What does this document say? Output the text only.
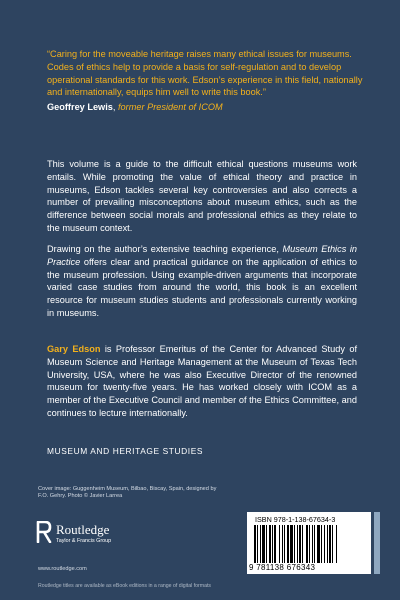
“Caring for the moveable heritage raises many ethical issues for museums. Codes of ethics help to provide a basis for self-regulation and to develop operational standards for this work. Edson’s experience in this field, nationally and internationally, equips him well to write this book.”
Geoffrey Lewis, former President of ICOM
This volume is a guide to the difficult ethical questions museums work entails. While promoting the value of ethical theory and practice in museums, Edson tackles several key controversies and also corrects a number of prevailing misconceptions about museum ethics, such as the difference between social morals and professional ethics as they relate to the museum context.
Drawing on the author’s extensive teaching experience, Museum Ethics in Practice offers clear and practical guidance on the application of ethics to the museum profession. Using example-driven arguments that incorporate varied case studies from around the world, this book is an excellent resource for museum studies students and professionals currently working in museums.
Gary Edson is Professor Emeritus of the Center for Advanced Study of Museum Science and Heritage Management at the Museum of Texas Tech University, USA, where he was also Executive Director of the renowned museum for twenty-five years. He has worked closely with ICOM as a member of the Executive Council and member of the Ethics Committee, and continues to lecture internationally.
MUSEUM AND HERITAGE STUDIES
Cover image: Guggenheim Museum, Bilbao, Biscay, Spain, designed by F.O. Gehry. Photo © Javier Larrea
Routledge
Taylor & Francis Group
www.routledge.com
Routledge titles are available as eBook editions in a range of digital formats
ISBN 978-1-138-67634-3
9 781138 676343
